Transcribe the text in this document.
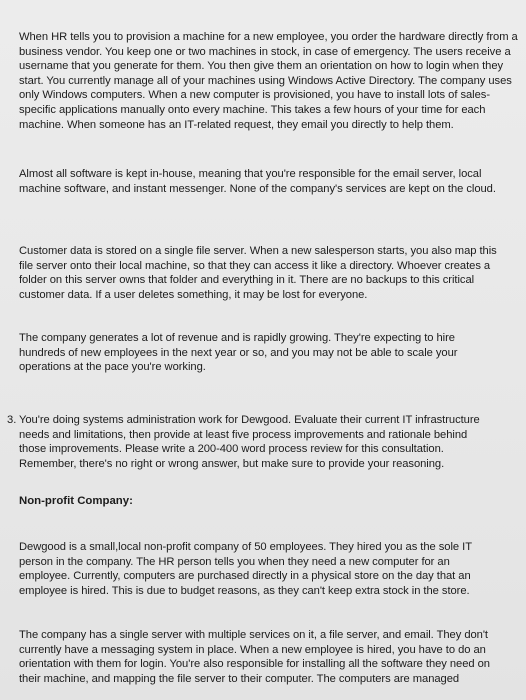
When HR tells you to provision a machine for a new employee, you order the hardware directly from a business vendor. You keep one or two machines in stock, in case of emergency. The users receive a username that you generate for them. You then give them an orientation on how to login when they start. You currently manage all of your machines using Windows Active Directory. The company uses only Windows computers. When a new computer is provisioned, you have to install lots of sales-specific applications manually onto every machine. This takes a few hours of your time for each machine. When someone has an IT-related request, they email you directly to help them.

Almost all software is kept in-house, meaning that you're responsible for the email server, local machine software, and instant messenger. None of the company's services are kept on the cloud.

Customer data is stored on a single file server. When a new salesperson starts, you also map this file server onto their local machine, so that they can access it like a directory. Whoever creates a folder on this server owns that folder and everything in it. There are no backups to this critical customer data. If a user deletes something, it may be lost for everyone.

The company generates a lot of revenue and is rapidly growing. They're expecting to hire hundreds of new employees in the next year or so, and you may not be able to scale your operations at the pace you're working.

3. You're doing systems administration work for Dewgood. Evaluate their current IT infrastructure needs and limitations, then provide at least five process improvements and rationale behind those improvements. Please write a 200-400 word process review for this consultation. Remember, there's no right or wrong answer, but make sure to provide your reasoning.

Non-profit Company:

Dewgood is a small,local non-profit company of 50 employees. They hired you as the sole IT person in the company. The HR person tells you when they need a new computer for an employee. Currently, computers are purchased directly in a physical store on the day that an employee is hired. This is due to budget reasons, as they can't keep extra stock in the store.

The company has a single server with multiple services on it, a file server, and email. They don't currently have a messaging system in place. When a new employee is hired, you have to do an orientation with them for login. You're also responsible for installing all the software they need on their machine, and mapping the file server to their computer. The computers are managed
